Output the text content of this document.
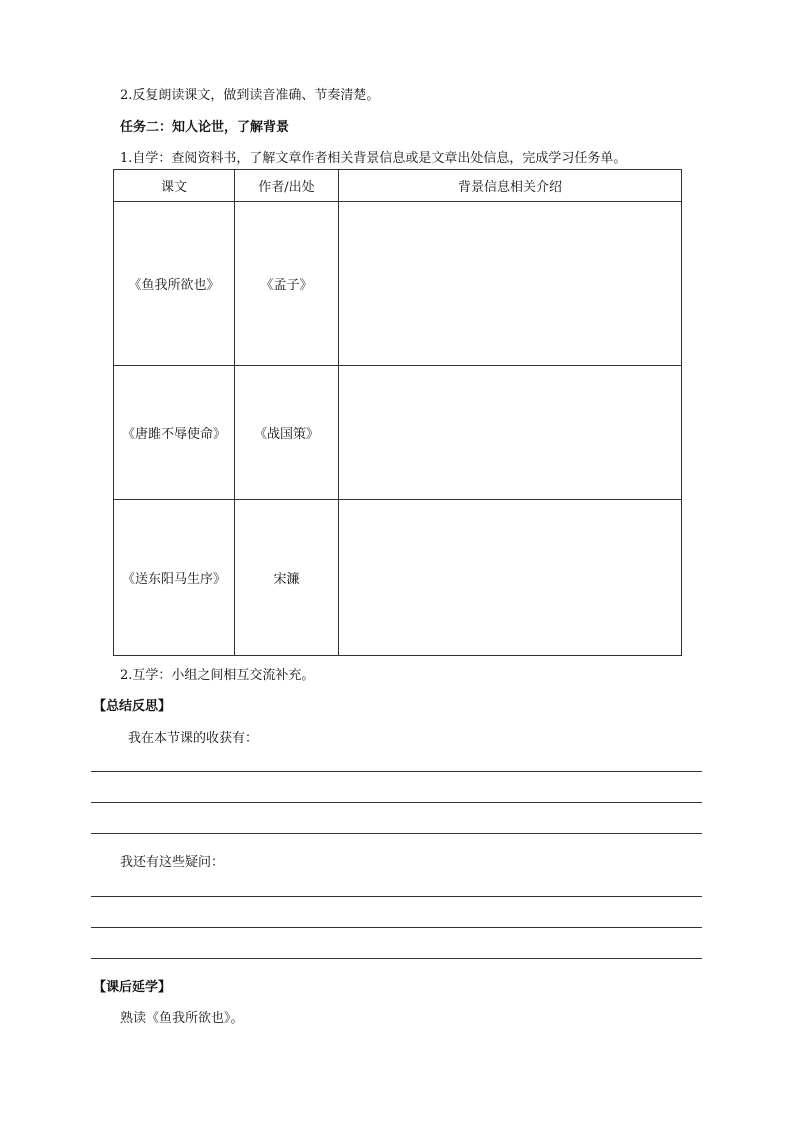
2.反复朗读课文，做到读音准确、节奏清楚。
任务二：知人论世，了解背景
1.自学：查阅资料书，了解文章作者相关背景信息或是文章出处信息，完成学习任务单。
课文	作者/出处	背景信息相关介绍
《鱼我所欲也》	《孟子》	
《唐雎不辱使命》	《战国策》	
《送东阳马生序》	宋濂	
2.互学：小组之间相互交流补充。
【总结反思】
我在本节课的收获有：
我还有这些疑问：
【课后延学】
熟读《鱼我所欲也》。
